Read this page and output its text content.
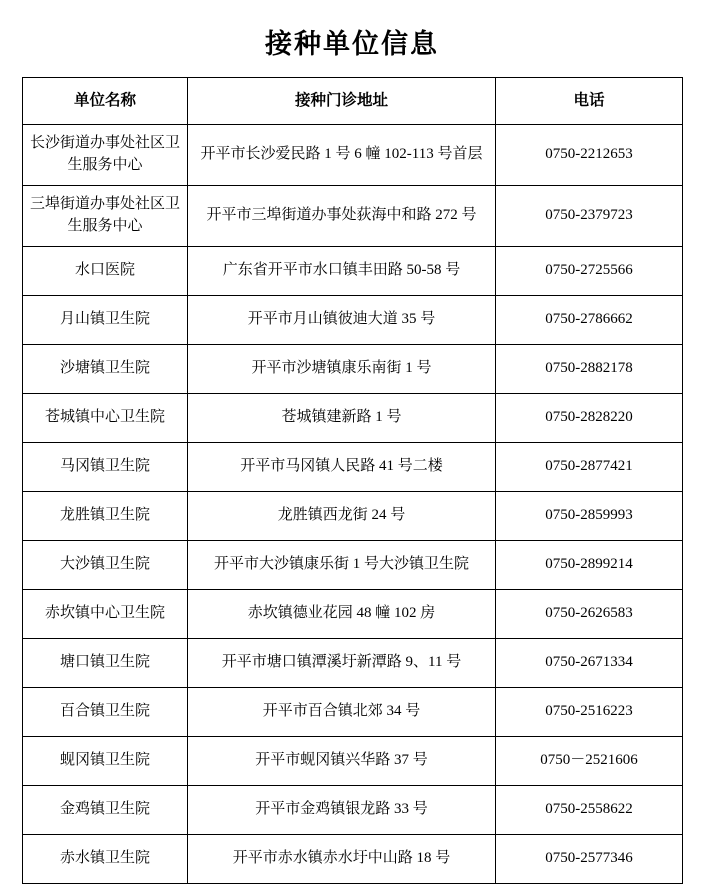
接种单位信息
单位名称	接种门诊地址	电话
长沙街道办事处社区卫生服务中心	开平市长沙爱民路 1 号 6 幢 102-113 号首层	0750-2212653
三埠街道办事处社区卫生服务中心	开平市三埠街道办事处荻海中和路 272 号	0750-2379723
水口医院	广东省开平市水口镇丰田路 50-58 号	0750-2725566
月山镇卫生院	开平市月山镇彼迪大道 35 号	0750-2786662
沙塘镇卫生院	开平市沙塘镇康乐南街 1 号	0750-2882178
苍城镇中心卫生院	苍城镇建新路 1 号	0750-2828220
马冈镇卫生院	开平市马冈镇人民路 41 号二楼	0750-2877421
龙胜镇卫生院	龙胜镇西龙街 24 号	0750-2859993
大沙镇卫生院	开平市大沙镇康乐街 1 号大沙镇卫生院	0750-2899214
赤坎镇中心卫生院	赤坎镇德业花园 48 幢 102 房	0750-2626583
塘口镇卫生院	开平市塘口镇潭溪圩新潭路 9、11 号	0750-2671334
百合镇卫生院	开平市百合镇北郊 34 号	0750-2516223
蚬冈镇卫生院	开平市蚬冈镇兴华路 37 号	0750－2521606
金鸡镇卫生院	开平市金鸡镇银龙路 33 号	0750-2558622
赤水镇卫生院	开平市赤水镇赤水圩中山路 18 号	0750-2577346
